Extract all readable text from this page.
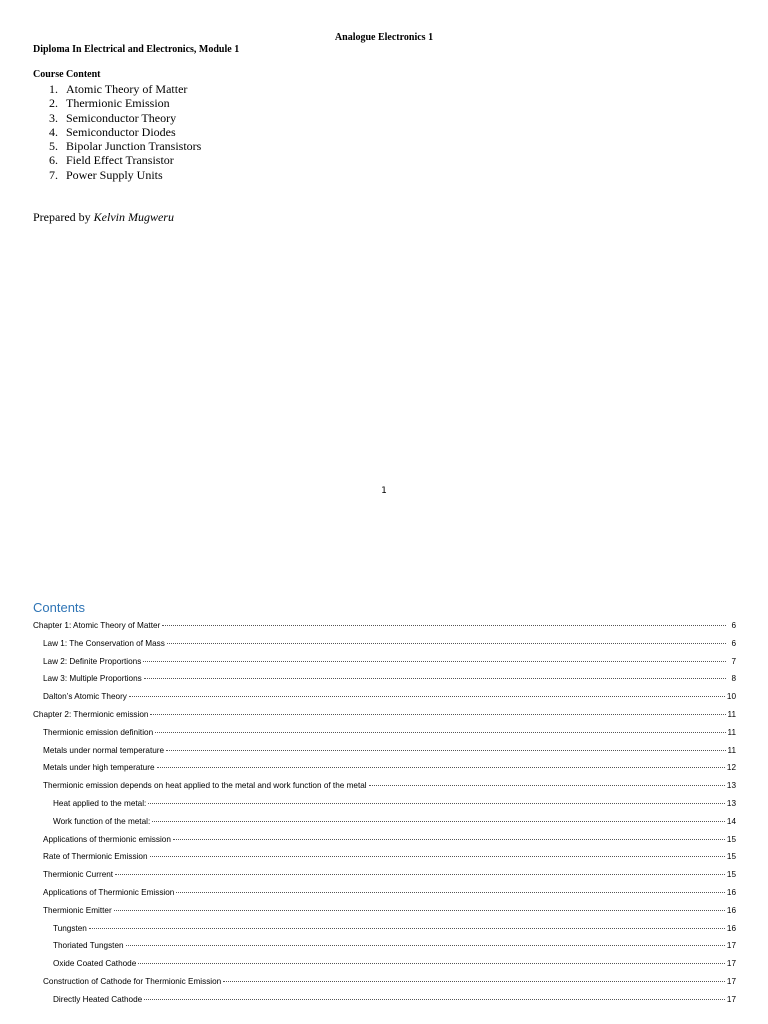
Analogue Electronics 1
Diploma In Electrical and Electronics, Module 1
Course Content
1. Atomic Theory of Matter
2. Thermionic Emission
3. Semiconductor Theory
4. Semiconductor Diodes
5. Bipolar Junction Transistors
6. Field Effect Transistor
7. Power Supply Units
Prepared by Kelvin Mugweru
1
Contents
Chapter 1: Atomic Theory of Matter	6
Law 1: The Conservation of Mass	6
Law 2: Definite Proportions	7
Law 3: Multiple Proportions	8
Dalton’s Atomic Theory	10
Chapter 2: Thermionic emission	11
Thermionic emission definition	11
Metals under normal temperature	11
Metals under high temperature	12
Thermionic emission depends on heat applied to the metal and work function of the metal	13
Heat applied to the metal:	13
Work function of the metal:	14
Applications of thermionic emission	15
Rate of Thermionic Emission	15
Thermionic Current	15
Applications of Thermionic Emission	16
Thermionic Emitter	16
Tungsten	16
Thoriated Tungsten	17
Oxide Coated Cathode	17
Construction of Cathode for Thermionic Emission	17
Directly Heated Cathode	17
